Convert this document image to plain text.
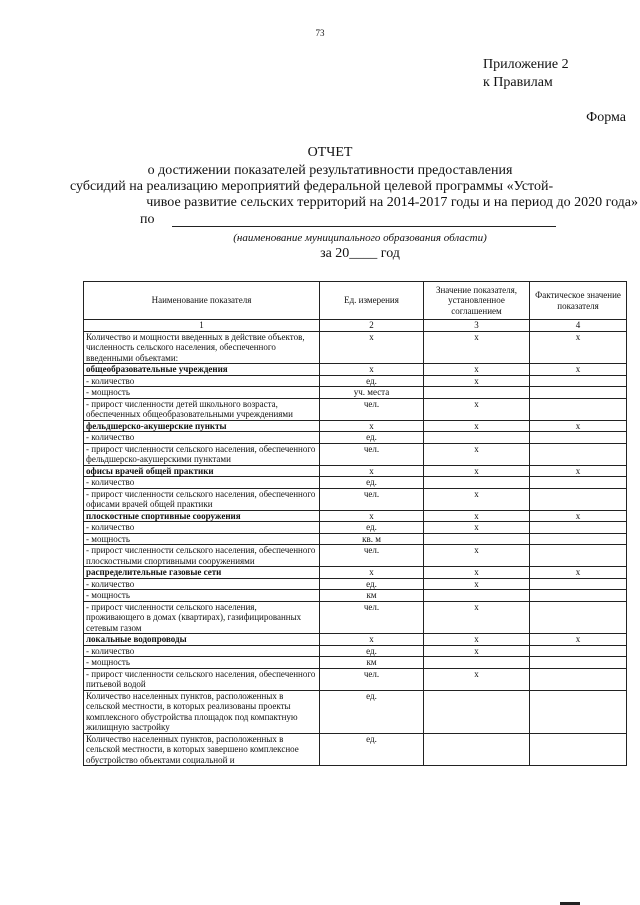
73
Приложение 2
к Правилам
Форма
ОТЧЕТ
о достижении показателей результативности предоставления
субсидий на реализацию мероприятий федеральной целевой программы «Устой-
чивое развитие сельских территорий на 2014-2017 годы и на период до 2020 года»
по
(наименование муниципального образования области)
за 20____ год
Наименование показателя	Ед. измерения	Значение показателя, установленное соглашением	Фактическое значение показателя
1	2	3	4
Количество и мощности введенных в действие объектов, численность сельского населения, обеспеченного введенными объектами:	х	х	х
общеобразовательные учреждения	х	х	х
- количество	ед.	х	
- мощность	уч. места		
- прирост численности детей школьного возраста, обеспеченных общеобразовательными учреждениями	чел.	х	
фельдшерско-акушерские пункты	х	х	х
- количество	ед.		
- прирост численности сельского населения, обеспеченного фельдшерско-акушерскими пунктами	чел.	х	
офисы врачей общей практики	х	х	х
- количество	ед.		
- прирост численности сельского населения, обеспеченного офисами врачей общей практики	чел.	х	
плоскостные спортивные сооружения	х	х	х
- количество	ед.	х	
- мощность	кв. м		
- прирост численности сельского населения, обеспеченного плоскостными спортивными сооружениями	чел.	х	
распределительные газовые сети	х	х	х
- количество	ед.	х	
- мощность	км		
- прирост численности сельского населения, проживающего в домах (квартирах), газифицированных сетевым газом	чел.	х	
локальные водопроводы	х	х	х
- количество	ед.	х	
- мощность	км		
- прирост численности сельского населения, обеспеченного питьевой водой	чел.	х	
Количество населенных пунктов, расположенных в сельской местности, в которых реализованы проекты комплексного обустройства площадок под компактную жилищную застройку	ед.		
Количество населенных пунктов, расположенных в сельской местности, в которых завершено комплексное обустройство объектами социальной и	ед.		
